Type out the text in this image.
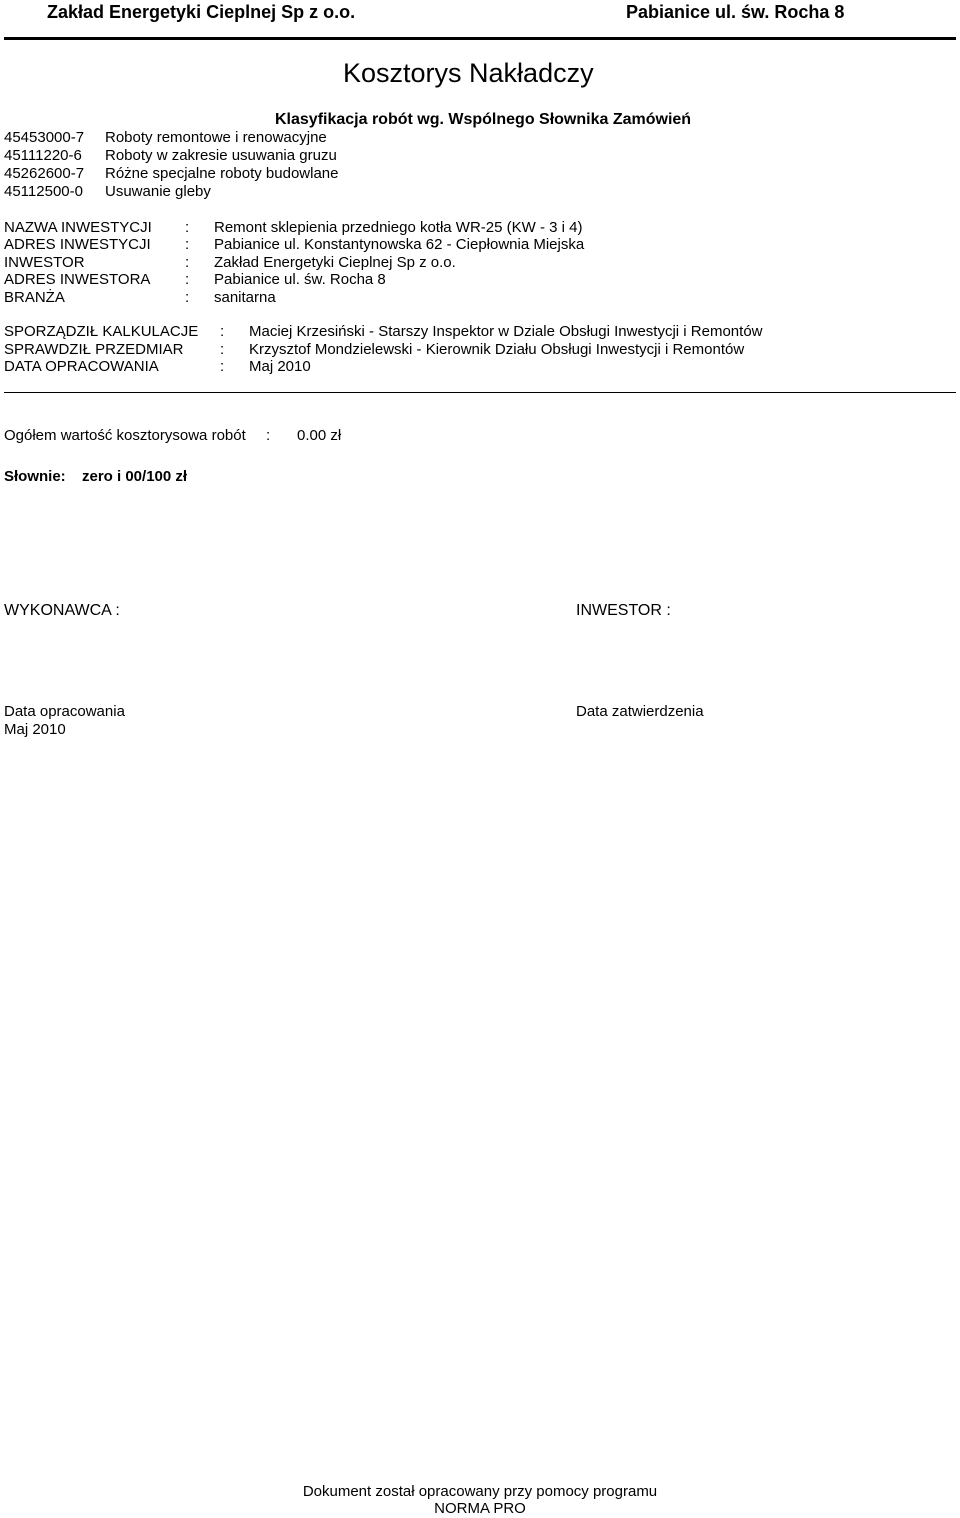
Zakład Energetyki Cieplnej Sp z o.o.	Pabianice ul. św. Rocha 8
Kosztorys Nakładczy
Klasyfikacja robót wg. Wspólnego Słownika Zamówień
45453000-7 Roboty remontowe i renowacyjne
45111220-6 Roboty w zakresie usuwania gruzu
45262600-7 Różne specjalne roboty budowlane
45112500-0 Usuwanie gleby
NAZWA INWESTYCJI : Remont sklepienia przedniego kotła WR-25 (KW - 3 i 4)
ADRES INWESTYCJI : Pabianice ul. Konstantynowska 62 - Ciepłownia Miejska
INWESTOR	: Zakład Energetyki Cieplnej Sp z o.o.
ADRES INWESTORA : Pabianice ul. św. Rocha 8
BRANŻA	: sanitarna
SPORZĄDZIŁ KALKULACJE : Maciej Krzesiński - Starszy Inspektor w Dziale Obsługi Inwestycji i Remontów
SPRAWDZIŁ PRZEDMIAR : Krzysztof Mondzielewski - Kierownik Działu Obsługi Inwestycji i Remontów
DATA OPRACOWANIA	: Maj 2010
Ogółem wartość kosztorysowa robót : 0.00 zł
Słownie: zero i 00/100 zł
WYKONAWCA :	INWESTOR :
Data opracowania
Maj 2010
Data zatwierdzenia
Dokument został opracowany przy pomocy programu
NORMA PRO
